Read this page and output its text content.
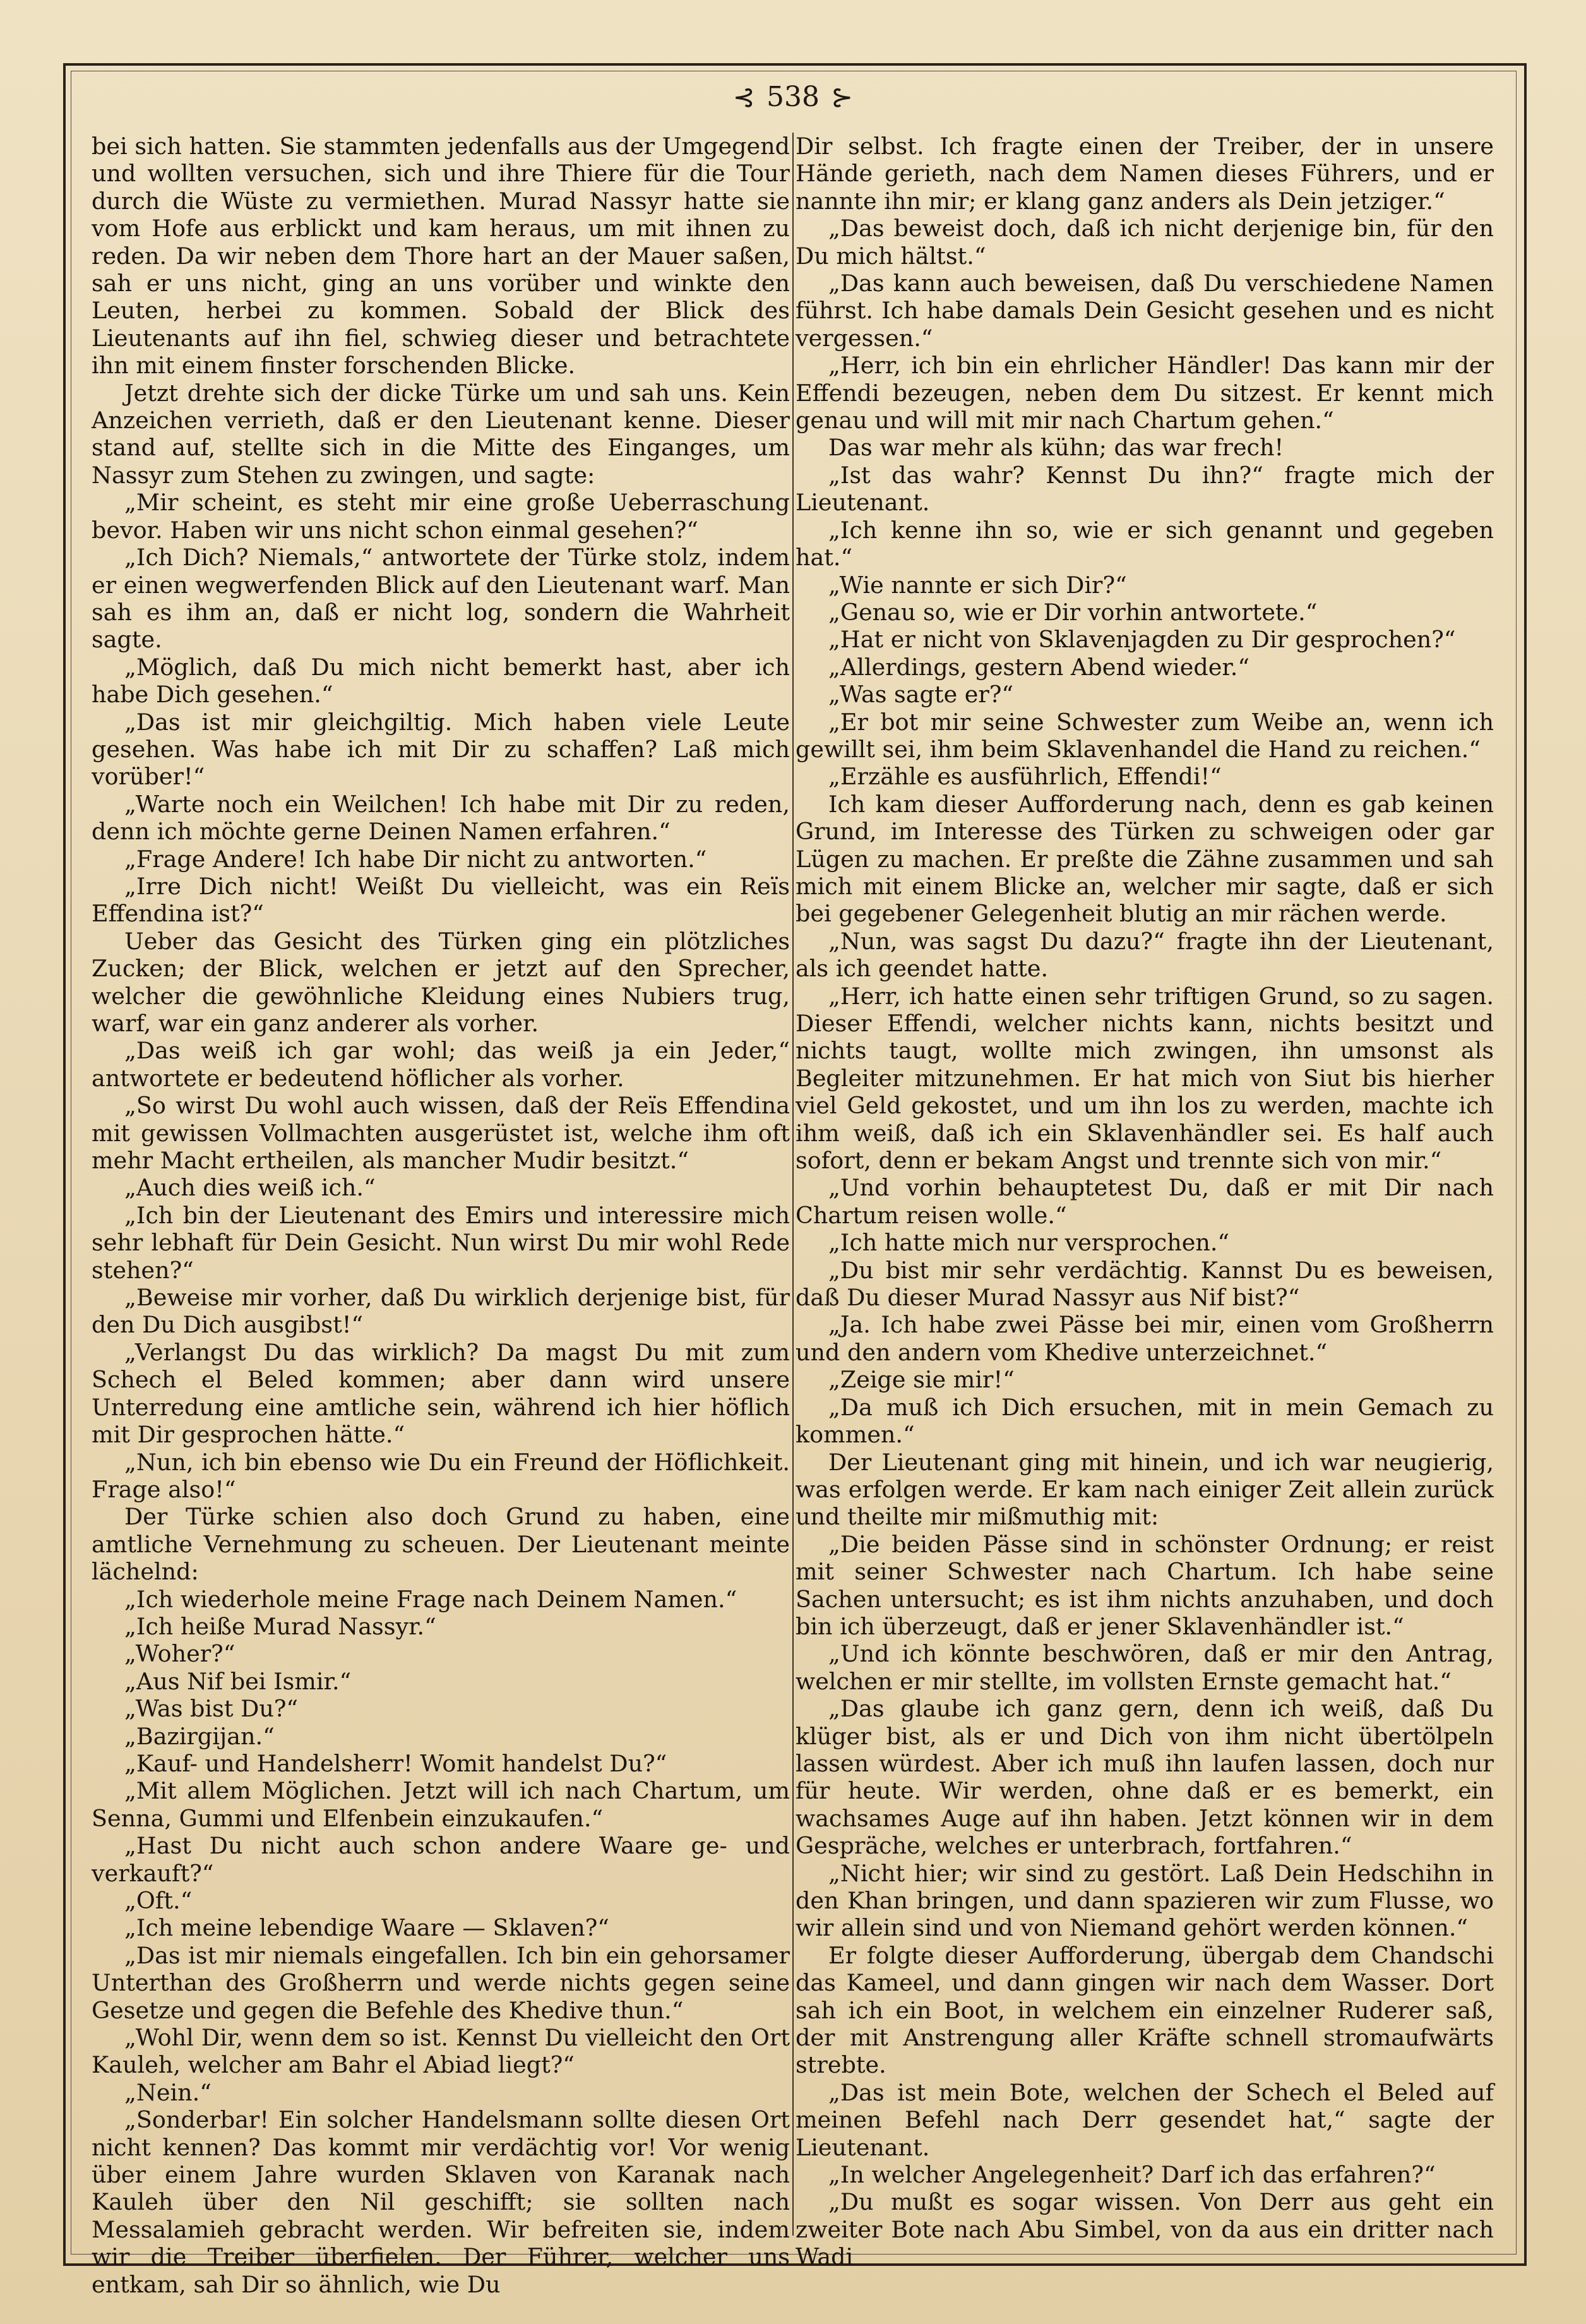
⊰ 538 ⊱

bei sich hatten. Sie stammten jedenfalls aus der Umgegend und wollten versuchen, sich und ihre Thiere für die Tour durch die Wüste zu vermiethen. Murad Nassyr hatte sie vom Hofe aus erblickt und kam heraus, um mit ihnen zu reden. Da wir neben dem Thore hart an der Mauer saßen, sah er uns nicht, ging an uns vorüber und winkte den Leuten, herbei zu kommen. Sobald der Blick des Lieutenants auf ihn fiel, schwieg dieser und betrachtete ihn mit einem finster forschenden Blicke.

Jetzt drehte sich der dicke Türke um und sah uns. Kein Anzeichen verrieth, daß er den Lieutenant kenne. Dieser stand auf, stellte sich in die Mitte des Einganges, um Nassyr zum Stehen zu zwingen, und sagte:

„Mir scheint, es steht mir eine große Ueberraschung bevor. Haben wir uns nicht schon einmal gesehen?“

„Ich Dich? Niemals,“ antwortete der Türke stolz, indem er einen wegwerfenden Blick auf den Lieutenant warf. Man sah es ihm an, daß er nicht log, sondern die Wahrheit sagte.

„Möglich, daß Du mich nicht bemerkt hast, aber ich habe Dich gesehen.“

„Das ist mir gleichgiltig. Mich haben viele Leute gesehen. Was habe ich mit Dir zu schaffen? Laß mich vorüber!“

„Warte noch ein Weilchen! Ich habe mit Dir zu reden, denn ich möchte gerne Deinen Namen erfahren.“

„Frage Andere! Ich habe Dir nicht zu antworten.“

„Irre Dich nicht! Weißt Du vielleicht, was ein Reïs Effendina ist?“

Ueber das Gesicht des Türken ging ein plötzliches Zucken; der Blick, welchen er jetzt auf den Sprecher, welcher die gewöhnliche Kleidung eines Nubiers trug, warf, war ein ganz anderer als vorher.

„Das weiß ich gar wohl; das weiß ja ein Jeder,“ antwortete er bedeutend höflicher als vorher.

„So wirst Du wohl auch wissen, daß der Reïs Effendina mit gewissen Vollmachten ausgerüstet ist, welche ihm oft mehr Macht ertheilen, als mancher Mudir besitzt.“

„Auch dies weiß ich.“

„Ich bin der Lieutenant des Emirs und interessire mich sehr lebhaft für Dein Gesicht. Nun wirst Du mir wohl Rede stehen?“

„Beweise mir vorher, daß Du wirklich derjenige bist, für den Du Dich ausgibst!“

„Verlangst Du das wirklich? Da magst Du mit zum Schech el Beled kommen; aber dann wird unsere Unterredung eine amtliche sein, während ich hier höflich mit Dir gesprochen hätte.“

„Nun, ich bin ebenso wie Du ein Freund der Höflichkeit. Frage also!“

Der Türke schien also doch Grund zu haben, eine amtliche Vernehmung zu scheuen. Der Lieutenant meinte lächelnd:

„Ich wiederhole meine Frage nach Deinem Namen.“

„Ich heiße Murad Nassyr.“

„Woher?“

„Aus Nif bei Ismir.“

„Was bist Du?“

„Bazirgijan.“

„Kauf- und Handelsherr! Womit handelst Du?“

„Mit allem Möglichen. Jetzt will ich nach Chartum, um Senna, Gummi und Elfenbein einzukaufen.“

„Hast Du nicht auch schon andere Waare ge- und verkauft?“

„Oft.“

„Ich meine lebendige Waare — Sklaven?“

„Das ist mir niemals eingefallen. Ich bin ein gehorsamer Unterthan des Großherrn und werde nichts gegen seine Gesetze und gegen die Befehle des Khedive thun.“

„Wohl Dir, wenn dem so ist. Kennst Du vielleicht den Ort Kauleh, welcher am Bahr el Abiad liegt?“

„Nein.“

„Sonderbar! Ein solcher Handelsmann sollte diesen Ort nicht kennen? Das kommt mir verdächtig vor! Vor wenig über einem Jahre wurden Sklaven von Karanak nach Kauleh über den Nil geschifft; sie sollten nach Messalamieh gebracht werden. Wir befreiten sie, indem wir die Treiber überfielen. Der Führer, welcher uns entkam, sah Dir so ähnlich, wie Du

Dir selbst. Ich fragte einen der Treiber, der in unsere Hände gerieth, nach dem Namen dieses Führers, und er nannte ihn mir; er klang ganz anders als Dein jetziger.“

„Das beweist doch, daß ich nicht derjenige bin, für den Du mich hältst.“

„Das kann auch beweisen, daß Du verschiedene Namen führst. Ich habe damals Dein Gesicht gesehen und es nicht vergessen.“

„Herr, ich bin ein ehrlicher Händler! Das kann mir der Effendi bezeugen, neben dem Du sitzest. Er kennt mich genau und will mit mir nach Chartum gehen.“

Das war mehr als kühn; das war frech!

„Ist das wahr? Kennst Du ihn?“ fragte mich der Lieutenant.

„Ich kenne ihn so, wie er sich genannt und gegeben hat.“

„Wie nannte er sich Dir?“

„Genau so, wie er Dir vorhin antwortete.“

„Hat er nicht von Sklavenjagden zu Dir gesprochen?“

„Allerdings, gestern Abend wieder.“

„Was sagte er?“

„Er bot mir seine Schwester zum Weibe an, wenn ich gewillt sei, ihm beim Sklavenhandel die Hand zu reichen.“

„Erzähle es ausführlich, Effendi!“

Ich kam dieser Aufforderung nach, denn es gab keinen Grund, im Interesse des Türken zu schweigen oder gar Lügen zu machen. Er preßte die Zähne zusammen und sah mich mit einem Blicke an, welcher mir sagte, daß er sich bei gegebener Gelegenheit blutig an mir rächen werde.

„Nun, was sagst Du dazu?“ fragte ihn der Lieutenant, als ich geendet hatte.

„Herr, ich hatte einen sehr triftigen Grund, so zu sagen. Dieser Effendi, welcher nichts kann, nichts besitzt und nichts taugt, wollte mich zwingen, ihn umsonst als Begleiter mitzunehmen. Er hat mich von Siut bis hierher viel Geld gekostet, und um ihn los zu werden, machte ich ihm weiß, daß ich ein Sklavenhändler sei. Es half auch sofort, denn er bekam Angst und trennte sich von mir.“

„Und vorhin behauptetest Du, daß er mit Dir nach Chartum reisen wolle.“

„Ich hatte mich nur versprochen.“

„Du bist mir sehr verdächtig. Kannst Du es beweisen, daß Du dieser Murad Nassyr aus Nif bist?“

„Ja. Ich habe zwei Pässe bei mir, einen vom Großherrn und den andern vom Khedive unterzeichnet.“

„Zeige sie mir!“

„Da muß ich Dich ersuchen, mit in mein Gemach zu kommen.“

Der Lieutenant ging mit hinein, und ich war neugierig, was erfolgen werde. Er kam nach einiger Zeit allein zurück und theilte mir mißmuthig mit:

„Die beiden Pässe sind in schönster Ordnung; er reist mit seiner Schwester nach Chartum. Ich habe seine Sachen untersucht; es ist ihm nichts anzuhaben, und doch bin ich überzeugt, daß er jener Sklavenhändler ist.“

„Und ich könnte beschwören, daß er mir den Antrag, welchen er mir stellte, im vollsten Ernste gemacht hat.“

„Das glaube ich ganz gern, denn ich weiß, daß Du klüger bist, als er und Dich von ihm nicht übertölpeln lassen würdest. Aber ich muß ihn laufen lassen, doch nur für heute. Wir werden, ohne daß er es bemerkt, ein wachsames Auge auf ihn haben. Jetzt können wir in dem Gespräche, welches er unterbrach, fortfahren.“

„Nicht hier; wir sind zu gestört. Laß Dein Hedschihn in den Khan bringen, und dann spazieren wir zum Flusse, wo wir allein sind und von Niemand gehört werden können.“

Er folgte dieser Aufforderung, übergab dem Chandschi das Kameel, und dann gingen wir nach dem Wasser. Dort sah ich ein Boot, in welchem ein einzelner Ruderer saß, der mit Anstrengung aller Kräfte schnell stromaufwärts strebte.

„Das ist mein Bote, welchen der Schech el Beled auf meinen Befehl nach Derr gesendet hat,“ sagte der Lieutenant.

„In welcher Angelegenheit? Darf ich das erfahren?“

„Du mußt es sogar wissen. Von Derr aus geht ein zweiter Bote nach Abu Simbel, von da aus ein dritter nach Wadi
